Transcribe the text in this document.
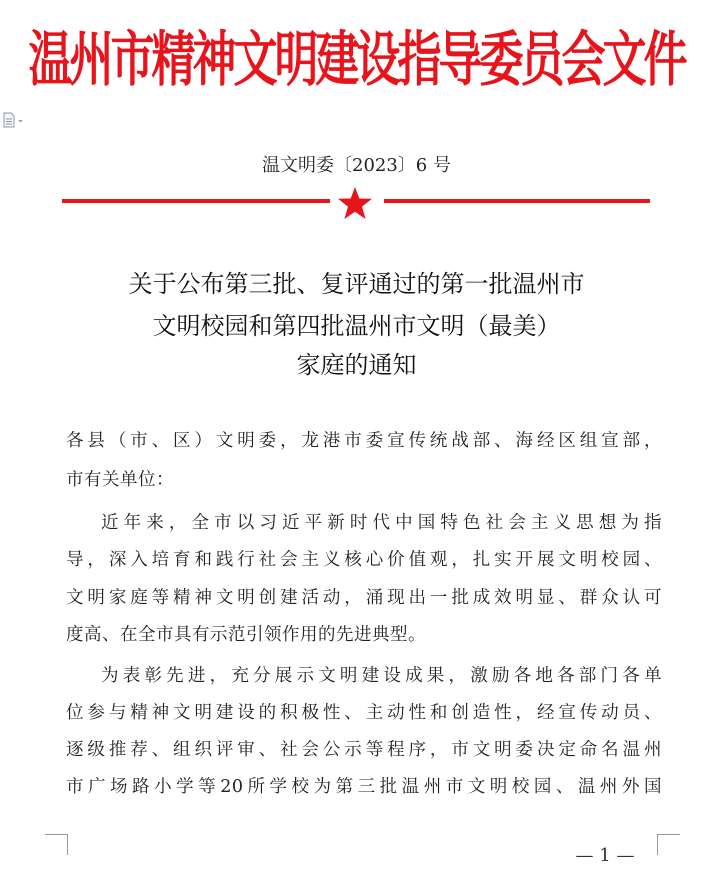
温州市精神文明建设指导委员会文件
温文明委〔2023〕6 号
关于公布第三批、复评通过的第一批温州市
文明校园和第四批温州市文明（最美）
家庭的通知
各县（市、区）文明委，龙港市委宣传统战部、海经区组宣部，
市有关单位：
近年来，全市以习近平新时代中国特色社会主义思想为指
导，深入培育和践行社会主义核心价值观，扎实开展文明校园、
文明家庭等精神文明创建活动，涌现出一批成效明显、群众认可
度高、在全市具有示范引领作用的先进典型。
为表彰先进，充分展示文明建设成果，激励各地各部门各单
位参与精神文明建设的积极性、主动性和创造性，经宣传动员、
逐级推荐、组织评审、社会公示等程序，市文明委决定命名温州
市广场路小学等20所学校为第三批温州市文明校园、温州外国
— 1 —
